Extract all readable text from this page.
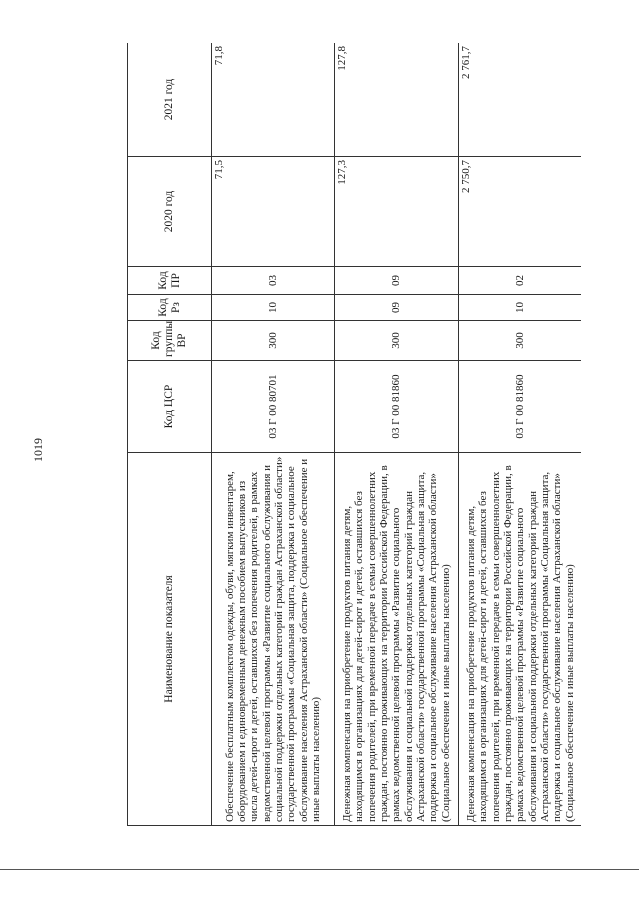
1019
Наименование показателя	Код ЦСР	Код группы ВР	Код Рз	Код ПР	2020 год	2021 год
Обеспечение бесплатным комплектом одежды, обуви, мягким инвентарем, оборудованием и единовременным денежным пособием выпускников из числа детей-сирот и детей, оставшихся без попечения родителей, в рамках ведомственной целевой программы «Развитие социального обслуживания и социальной поддержки отдельных категорий граждан Астраханской области» государственной программы «Социальная защита, поддержка и социальное обслуживание населения Астраханской области» (Социальное обеспечение и иные выплаты населению)	03 Г 00 80701	300	10	03	71,5	71,8
Денежная компенсация на приобретение продуктов питания детям, находящимся в организациях для детей-сирот и детей, оставшихся без попечения родителей, при временной передаче в семьи совершеннолетних граждан, постоянно проживающих на территории Российской Федерации, в рамках ведомственной целевой программы «Развитие социального обслуживания и социальной поддержки отдельных категорий граждан Астраханской области» государственной программы «Социальная защита, поддержка и социальное обслуживание населения Астраханской области» (Социальное обеспечение и иные выплаты населению)	03 Г 00 81860	300	09	09	127,3	127,8
Денежная компенсация на приобретение продуктов питания детям, находящимся в организациях для детей-сирот и детей, оставшихся без попечения родителей, при временной передаче в семьи совершеннолетних граждан, постоянно проживающих на территории Российской Федерации, в рамках ведомственной целевой программы «Развитие социального обслуживания и социальной поддержки отдельных категорий граждан Астраханской области» государственной программы «Социальная защита, поддержка и социальное обслуживание населения Астраханской области» (Социальное обеспечение и иные выплаты населению)	03 Г 00 81860	300	10	02	2 750,7	2 761,7
